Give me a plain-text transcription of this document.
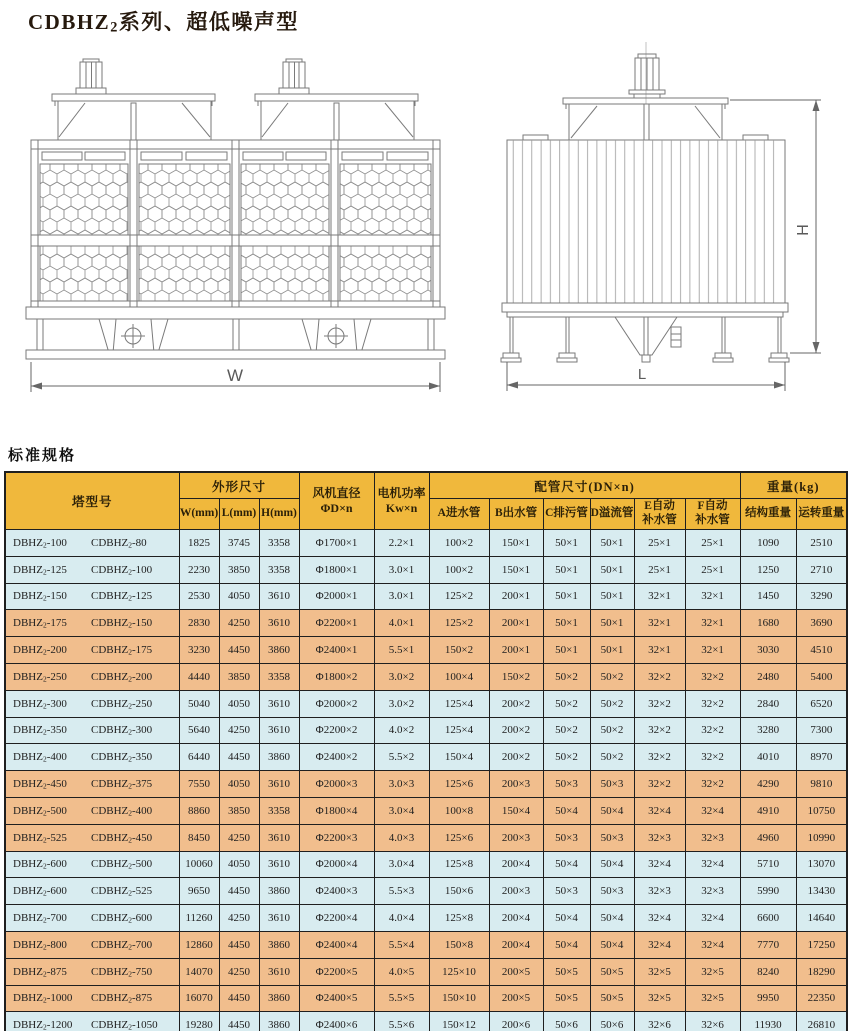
$CDBHZ_2$系列、超低噪声型
W
H
L
标准规格
塔型号	外形尺寸	风机直径
ΦD×n

电机功率
Kw×n
	配管尺寸(DN×n)	重量(kg)
W(mm)	L(mm)	H(mm)	A进水管	B出水管	C排污管	D溢流管	
E自动
补水管

F自动
补水管
	结构重量	运转重量
$DBHZ_2-100$ $CDBHZ_2-80$	1825	3745	3358	Φ1700×1	2.2×1	100×2	150×1	50×1	50×1	25×1	25×1	1090	2510
$DBHZ_2-125$ $CDBHZ_2-100$	2230	3850	3358	Φ1800×1	3.0×1	100×2	150×1	50×1	50×1	25×1	25×1	1250	2710
$DBHZ_2-150$ $CDBHZ_2-125$	2530	4050	3610	Φ2000×1	3.0×1	125×2	200×1	50×1	50×1	32×1	32×1	1450	3290
$DBHZ_2-175$ $CDBHZ_2-150$	2830	4250	3610	Φ2200×1	4.0×1	125×2	200×1	50×1	50×1	32×1	32×1	1680	3690
$DBHZ_2-200$ $CDBHZ_2-175$	3230	4450	3860	Φ2400×1	5.5×1	150×2	200×1	50×1	50×1	32×1	32×1	3030	4510
$DBHZ_2-250$ $CDBHZ_2-200$	4440	3850	3358	Φ1800×2	3.0×2	100×4	150×2	50×2	50×2	32×2	32×2	2480	5400
$DBHZ_2-300$ $CDBHZ_2-250$	5040	4050	3610	Φ2000×2	3.0×2	125×4	200×2	50×2	50×2	32×2	32×2	2840	6520
$DBHZ_2-350$ $CDBHZ_2-300$	5640	4250	3610	Φ2200×2	4.0×2	125×4	200×2	50×2	50×2	32×2	32×2	3280	7300
$DBHZ_2-400$ $CDBHZ_2-350$	6440	4450	3860	Φ2400×2	5.5×2	150×4	200×2	50×2	50×2	32×2	32×2	4010	8970
$DBHZ_2-450$ $CDBHZ_2-375$	7550	4050	3610	Φ2000×3	3.0×3	125×6	200×3	50×3	50×3	32×2	32×2	4290	9810
$DBHZ_2-500$ $CDBHZ_2-400$	8860	3850	3358	Φ1800×4	3.0×4	100×8	150×4	50×4	50×4	32×4	32×4	4910	10750
$DBHZ_2-525$ $CDBHZ_2-450$	8450	4250	3610	Φ2200×3	4.0×3	125×6	200×3	50×3	50×3	32×3	32×3	4960	10990
$DBHZ_2-600$ $CDBHZ_2-500$	10060	4050	3610	Φ2000×4	3.0×4	125×8	200×4	50×4	50×4	32×4	32×4	5710	13070
$DBHZ_2-600$ $CDBHZ_2-525$	9650	4450	3860	Φ2400×3	5.5×3	150×6	200×3	50×3	50×3	32×3	32×3	5990	13430
$DBHZ_2-700$ $CDBHZ_2-600$	11260	4250	3610	Φ2200×4	4.0×4	125×8	200×4	50×4	50×4	32×4	32×4	6600	14640
$DBHZ_2-800$ $CDBHZ_2-700$	12860	4450	3860	Φ2400×4	5.5×4	150×8	200×4	50×4	50×4	32×4	32×4	7770	17250
$DBHZ_2-875$ $CDBHZ_2-750$	14070	4250	3610	Φ2200×5	4.0×5	125×10	200×5	50×5	50×5	32×5	32×5	8240	18290
$DBHZ_2-1000$ $CDBHZ_2-875$	16070	4450	3860	Φ2400×5	5.5×5	150×10	200×5	50×5	50×5	32×5	32×5	9950	22350
$DBHZ_2-1200$ $CDBHZ_2-1050$	19280	4450	3860	Φ2400×6	5.5×6	150×12	200×6	50×6	50×6	32×6	32×6	11930	26810
